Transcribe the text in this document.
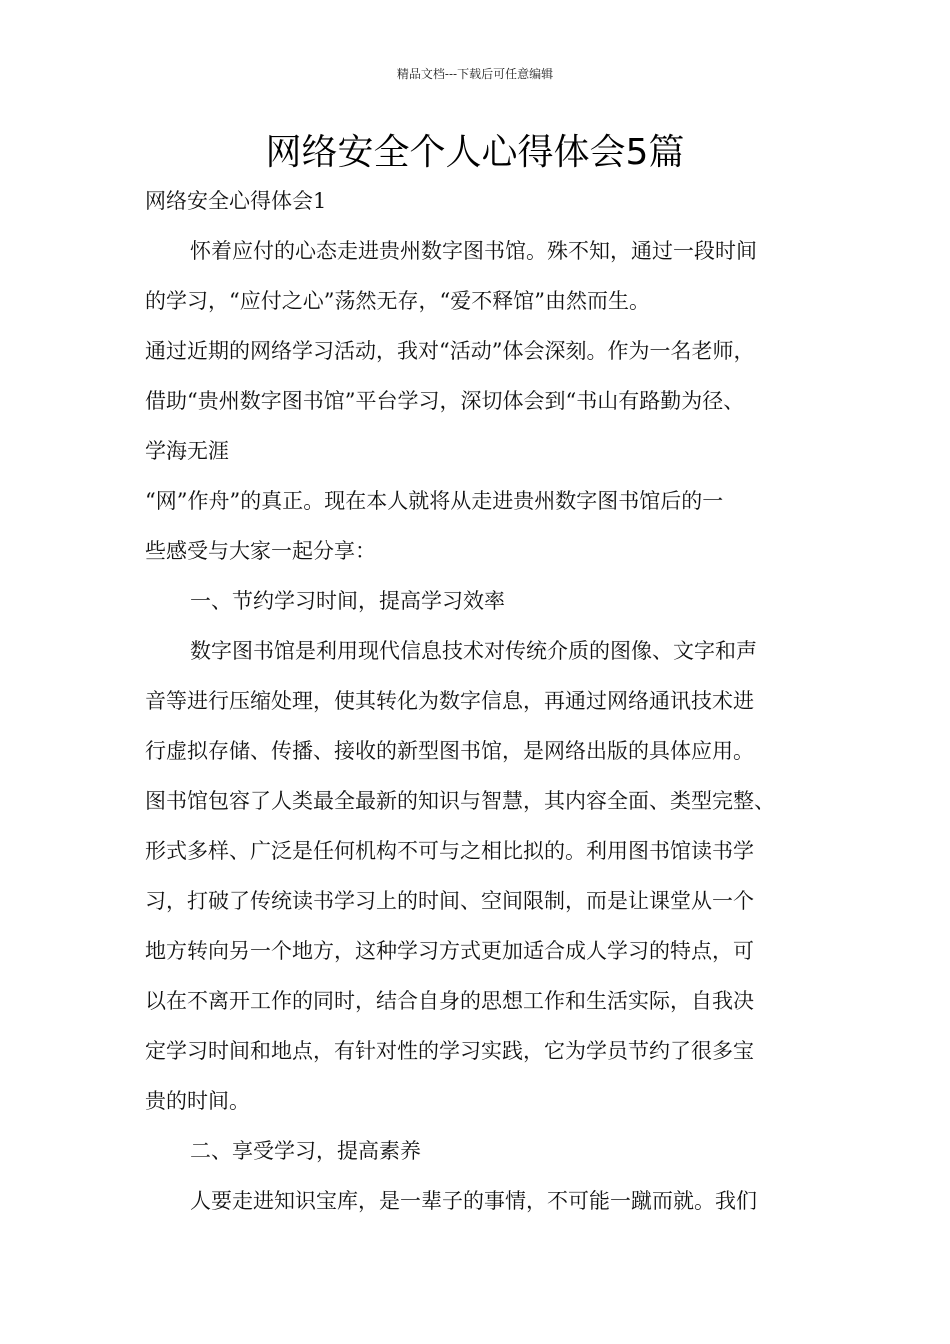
精品文档---下载后可任意编辑
网络安全个人心得体会5篇
网络安全心得体会1
怀着应付的心态走进贵州数字图书馆。殊不知，通过一段时间
的学习，“应付之心”荡然无存，“爱不释馆”由然而生。
通过近期的网络学习活动，我对“活动”体会深刻。作为一名老师，
借助“贵州数字图书馆”平台学习，深切体会到“书山有路勤为径、
学海无涯
“网”作舟”的真正。现在本人就将从走进贵州数字图书馆后的一
些感受与大家一起分享：
一、节约学习时间，提高学习效率
数字图书馆是利用现代信息技术对传统介质的图像、文字和声
音等进行压缩处理，使其转化为数字信息，再通过网络通讯技术进
行虚拟存储、传播、接收的新型图书馆，是网络出版的具体应用。
图书馆包容了人类最全最新的知识与智慧，其内容全面、类型完整、
形式多样、广泛是任何机构不可与之相比拟的。利用图书馆读书学
习，打破了传统读书学习上的时间、空间限制，而是让课堂从一个
地方转向另一个地方，这种学习方式更加适合成人学习的特点，可
以在不离开工作的同时，结合自身的思想工作和生活实际，自我决
定学习时间和地点，有针对性的学习实践，它为学员节约了很多宝
贵的时间。
二、享受学习，提高素养
人要走进知识宝库，是一辈子的事情，不可能一蹴而就。我们
